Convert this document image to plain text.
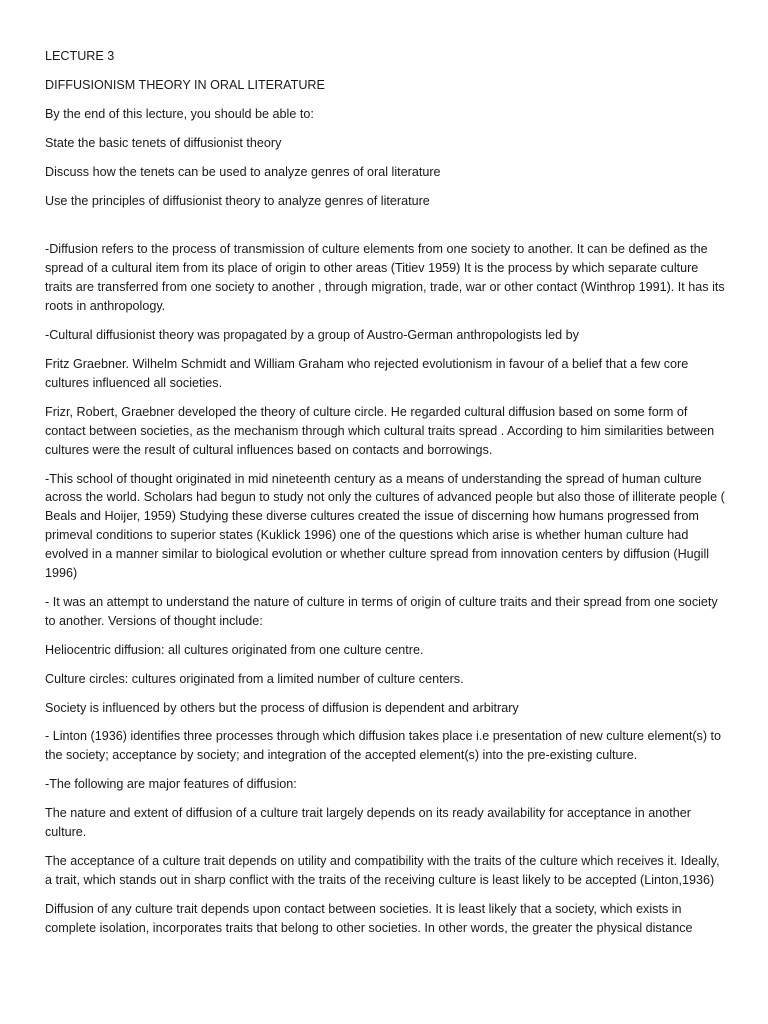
LECTURE 3

DIFFUSIONISM THEORY IN ORAL LITERATURE

By the end of this lecture, you should be able to:

State the basic tenets of diffusionist theory

Discuss how the tenets can be used to analyze genres of oral literature

Use the principles of diffusionist theory to analyze genres of literature

-Diffusion refers to the process of transmission of culture elements from one society to another. It can be defined as the spread of a cultural item from its place of origin to other areas (Titiev 1959) It is the process by which separate culture traits are transferred from one society to another , through migration, trade, war or other contact (Winthrop 1991). It has its roots in anthropology.

-Cultural diffusionist theory was propagated by a group of Austro-German anthropologists led by

Fritz Graebner. Wilhelm Schmidt and William Graham who rejected evolutionism in favour of a belief that a few core cultures influenced all societies.

Frizr, Robert, Graebner developed the theory of culture circle. He regarded cultural diffusion based on some form of contact between societies, as the mechanism through which cultural traits spread . According to him similarities between cultures were the result of cultural influences based on contacts and borrowings.

-This school of thought originated in mid nineteenth century as a means of understanding the spread of human culture across the world. Scholars had begun to study not only the cultures of advanced people but also those of illiterate people ( Beals and Hoijer, 1959) Studying these diverse cultures created the issue of discerning how humans progressed from primeval conditions to superior states (Kuklick 1996) one of the questions which arise is whether human culture had evolved in a manner similar to biological evolution or whether culture spread from innovation centers by diffusion (Hugill 1996)

- It was an attempt to understand the nature of culture in terms of origin of culture traits and their spread from one society to another. Versions of thought include:

Heliocentric diffusion: all cultures originated from one culture centre.

Culture circles: cultures originated from a limited number of culture centers.

Society is influenced by others but the process of diffusion is dependent and arbitrary

- Linton (1936) identifies three processes through which diffusion takes place i.e presentation of new culture element(s) to the society; acceptance by society; and integration of the accepted element(s) into the pre-existing culture.

-The following are major features of diffusion:

The nature and extent of diffusion of a culture trait largely depends on its ready availability for acceptance in another culture.

The acceptance of a culture trait depends on utility and compatibility with the traits of the culture which receives it. Ideally, a trait, which stands out in sharp conflict with the traits of the receiving culture is least likely to be accepted (Linton,1936)

Diffusion of any culture trait depends upon contact between societies. It is least likely that a society, which exists in complete isolation, incorporates traits that belong to other societies. In other words, the greater the physical distance
